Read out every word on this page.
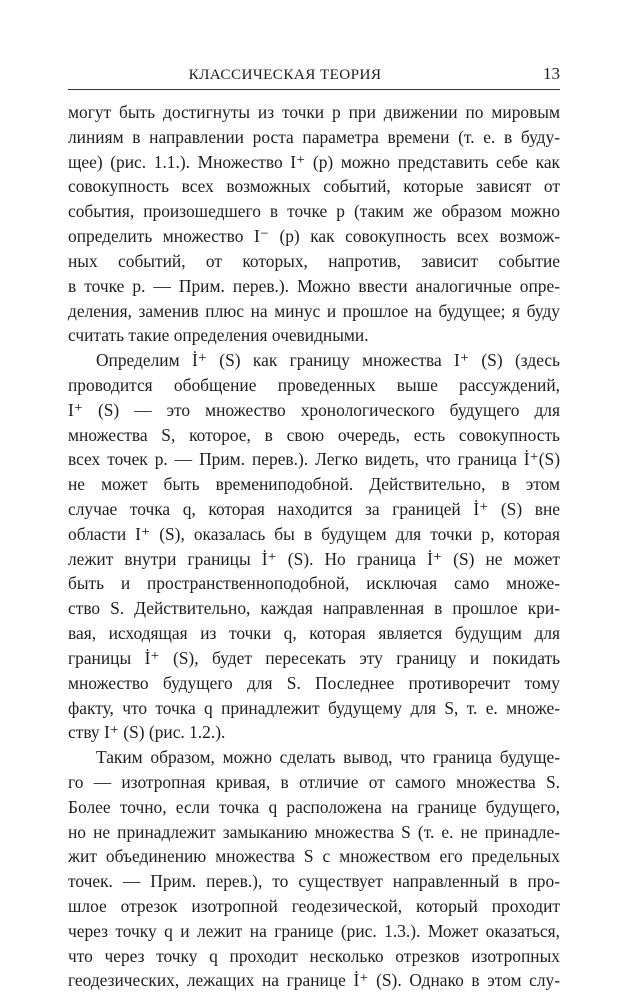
КЛАССИЧЕСКАЯ ТЕОРИЯ	13
могут быть достигнуты из точки p при движении по мировым
линиям в направлении роста параметра времени (т. е. в буду-
щее) (рис. 1.1.). Множество I⁺ (p) можно представить себе как
совокупность всех возможных событий, которые зависят от
события, произошедшего в точке p (таким же образом можно
определить множество I⁻ (p) как совокупность всех возмож-
ных событий, от которых, напротив, зависит событие
в точке p. — Прим. перев.). Можно ввести аналогичные опре-
деления, заменив плюс на минус и прошлое на будущее; я буду
считать такие определения очевидными.
Определим İ⁺ (S) как границу множества I⁺ (S) (здесь
проводится обобщение проведенных выше рассуждений,
I⁺ (S) — это множество хронологического будущего для
множества S, которое, в свою очередь, есть совокупность
всех точек p. — Прим. перев.). Легко видеть, что граница İ⁺(S)
не может быть времениподобной. Действительно, в этом
случае точка q, которая находится за границей İ⁺ (S) вне
области I⁺ (S), оказалась бы в будущем для точки p, которая
лежит внутри границы İ⁺ (S). Но граница İ⁺ (S) не может
быть и пространственноподобной, исключая само множе-
ство S. Действительно, каждая направленная в прошлое кри-
вая, исходящая из точки q, которая является будущим для
границы İ⁺ (S), будет пересекать эту границу и покидать
множество будущего для S. Последнее противоречит тому
факту, что точка q принадлежит будущему для S, т. е. множе-
ству I⁺ (S) (рис. 1.2.).
Таким образом, можно сделать вывод, что граница будуще-
го — изотропная кривая, в отличие от самого множества S.
Более точно, если точка q расположена на границе будущего,
но не принадлежит замыканию множества S (т. е. не принадле-
жит объединению множества S с множеством его предельных
точек. — Прим. перев.), то существует направленный в про-
шлое отрезок изотропной геодезической, который проходит
через точку q и лежит на границе (рис. 1.3.). Может оказаться,
что через точку q проходит несколько отрезков изотропных
геодезических, лежащих на границе İ⁺ (S). Однако в этом слу-
